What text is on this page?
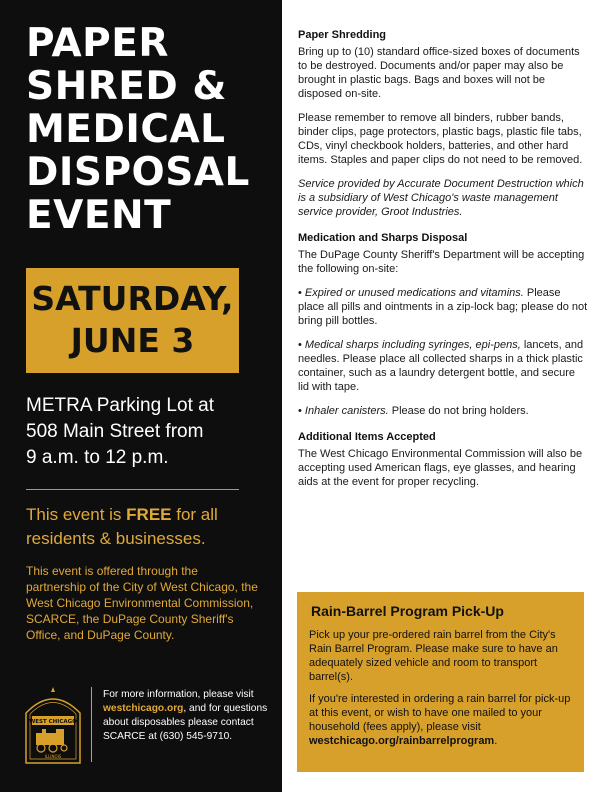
PAPER
SHRED &
MEDICAL
DISPOSAL
EVENT
SATURDAY,
JUNE 3
METRA Parking Lot at
508 Main Street from
9 a.m. to 12 p.m.
This event is FREE for all residents & businesses.
This event is offered through the partnership of the City of West Chicago, the West Chicago Environmental Commission, SCARCE, the DuPage County Sheriff's Office, and DuPage County.
WEST CHICAGO
ILLINOIS
For more information, please visit westchicago.org, and for questions about disposables please contact SCARCE at (630) 545-9710.
Paper Shredding

Bring up to (10) standard office-sized boxes of documents to be destroyed. Documents and/or paper may also be brought in plastic bags. Bags and boxes will not be disposed on-site.

Please remember to remove all binders, rubber bands, binder clips, page protectors, plastic bags, plastic file tabs, CDs, vinyl checkbook holders, batteries, and other hard items. Staples and paper clips do not need to be removed.

Service provided by Accurate Document Destruction which is a subsidiary of West Chicago's waste management service provider, Groot Industries.

Medication and Sharps Disposal

The DuPage County Sheriff's Department will be accepting the following on-site:

• Expired or unused medications and vitamins. Please place all pills and ointments in a zip-lock bag; please do not bring pill bottles.

• Medical sharps including syringes, epi-pens, lancets, and needles. Please place all collected sharps in a thick plastic container, such as a laundry detergent bottle, and secure lid with tape.

• Inhaler canisters. Please do not bring holders.

Additional Items Accepted

The West Chicago Environmental Commission will also be accepting used American flags, eye glasses, and hearing aids at the event for proper recycling.

Rain-Barrel Program Pick-Up

Pick up your pre-ordered rain barrel from the City's Rain Barrel Program. Please make sure to have an adequately sized vehicle and room to transport barrel(s).

If you're interested in ordering a rain barrel for pick-up at this event, or wish to have one mailed to your household (fees apply), please visit westchicago.org/rainbarrelprogram.
